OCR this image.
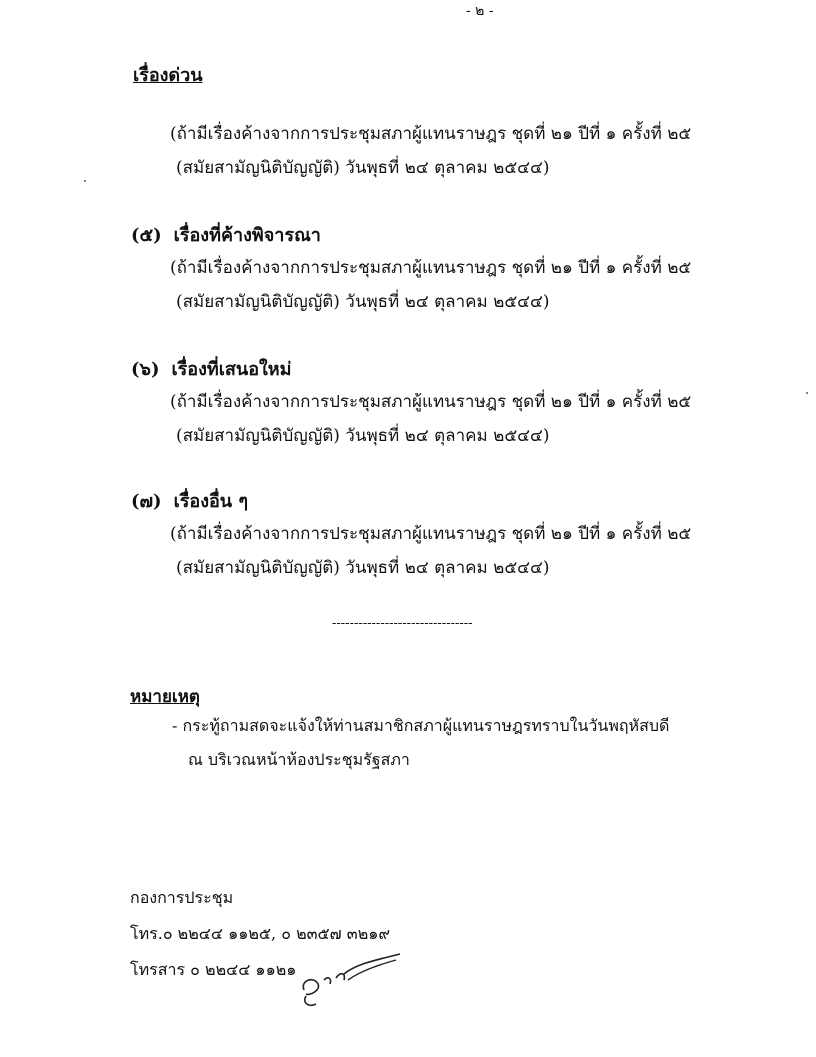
- ๒ -
เรื่องด่วน
(ถ้ามีเรื่องค้างจากการประชุมสภาผู้แทนราษฎร ชุดที่ ๒๑ ปีที่ ๑ ครั้งที่ ๒๕
(สมัยสามัญนิติบัญญัติ) วันพุธที่ ๒๔ ตุลาคม ๒๕๔๔)
(๕) เรื่องที่ค้างพิจารณา
(ถ้ามีเรื่องค้างจากการประชุมสภาผู้แทนราษฎร ชุดที่ ๒๑ ปีที่ ๑ ครั้งที่ ๒๕
(สมัยสามัญนิติบัญญัติ) วันพุธที่ ๒๔ ตุลาคม ๒๕๔๔)
(๖) เรื่องที่เสนอใหม่
(ถ้ามีเรื่องค้างจากการประชุมสภาผู้แทนราษฎร ชุดที่ ๒๑ ปีที่ ๑ ครั้งที่ ๒๕
(สมัยสามัญนิติบัญญัติ) วันพุธที่ ๒๔ ตุลาคม ๒๕๔๔)
(๗) เรื่องอื่น ๆ
(ถ้ามีเรื่องค้างจากการประชุมสภาผู้แทนราษฎร ชุดที่ ๒๑ ปีที่ ๑ ครั้งที่ ๒๕
(สมัยสามัญนิติบัญญัติ) วันพุธที่ ๒๔ ตุลาคม ๒๕๔๔)
--------------------------------
หมายเหตุ
- กระทู้ถามสดจะแจ้งให้ท่านสมาชิกสภาผู้แทนราษฎรทราบในวันพฤหัสบดี
ณ บริเวณหน้าห้องประชุมรัฐสภา
กองการประชุม
โทร.๐ ๒๒๔๔ ๑๑๒๕, ๐ ๒๓๕๗ ๓๒๑๙
โทรสาร ๐ ๒๒๔๔ ๑๑๒๑
